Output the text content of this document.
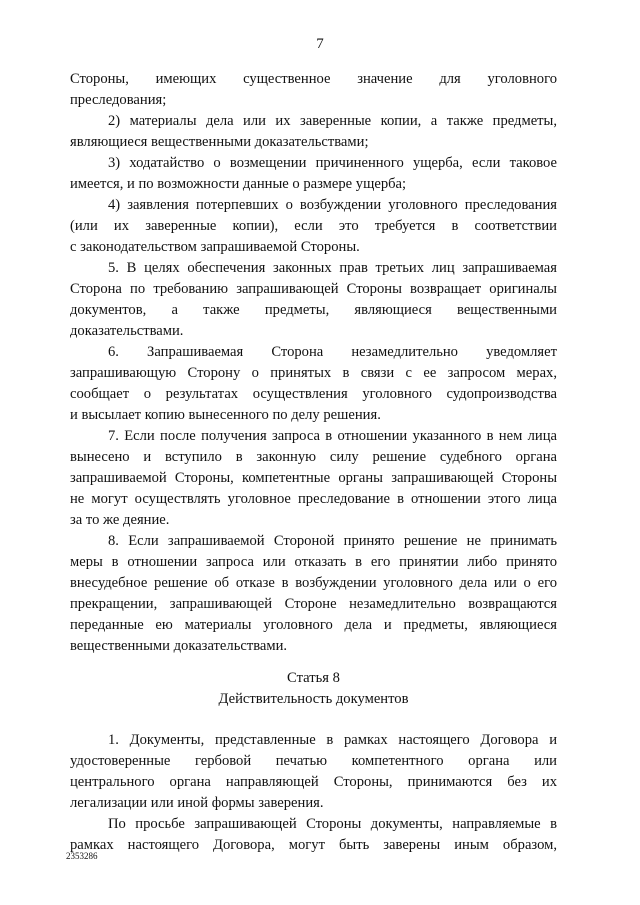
7

Стороны, имеющих существенное значение для уголовного

преследования;

2) материалы дела или их заверенные копии, а также предметы,

являющиеся вещественными доказательствами;

3) ходатайство о возмещении причиненного ущерба, если таковое

имеется, и по возможности данные о размере ущерба;

4) заявления потерпевших о возбуждении уголовного преследования

(или их заверенные копии), если это требуется в соответствии

с законодательством запрашиваемой Стороны.

5. В целях обеспечения законных прав третьих лиц запрашиваемая

Сторона по требованию запрашивающей Стороны возвращает оригиналы

документов, а также предметы, являющиеся вещественными

доказательствами.

6. Запрашиваемая Сторона незамедлительно уведомляет

запрашивающую Сторону о принятых в связи с ее запросом мерах,

сообщает о результатах осуществления уголовного судопроизводства

и высылает копию вынесенного по делу решения.

7. Если после получения запроса в отношении указанного в нем лица

вынесено и вступило в законную силу решение судебного органа

запрашиваемой Стороны, компетентные органы запрашивающей Стороны

не могут осуществлять уголовное преследование в отношении этого лица

за то же деяние.

8. Если запрашиваемой Стороной принято решение не принимать

меры в отношении запроса или отказать в его принятии либо принято

внесудебное решение об отказе в возбуждении уголовного дела или о его

прекращении, запрашивающей Стороне незамедлительно возвращаются

переданные ею материалы уголовного дела и предметы, являющиеся

вещественными доказательствами.

Статья 8

Действительность документов

1. Документы, представленные в рамках настоящего Договора и

удостоверенные гербовой печатью компетентного органа или

центрального органа направляющей Стороны, принимаются без их

легализации или иной формы заверения.

По просьбе запрашивающей Стороны документы, направляемые в

рамках настоящего Договора, могут быть заверены иным образом,

2353286
